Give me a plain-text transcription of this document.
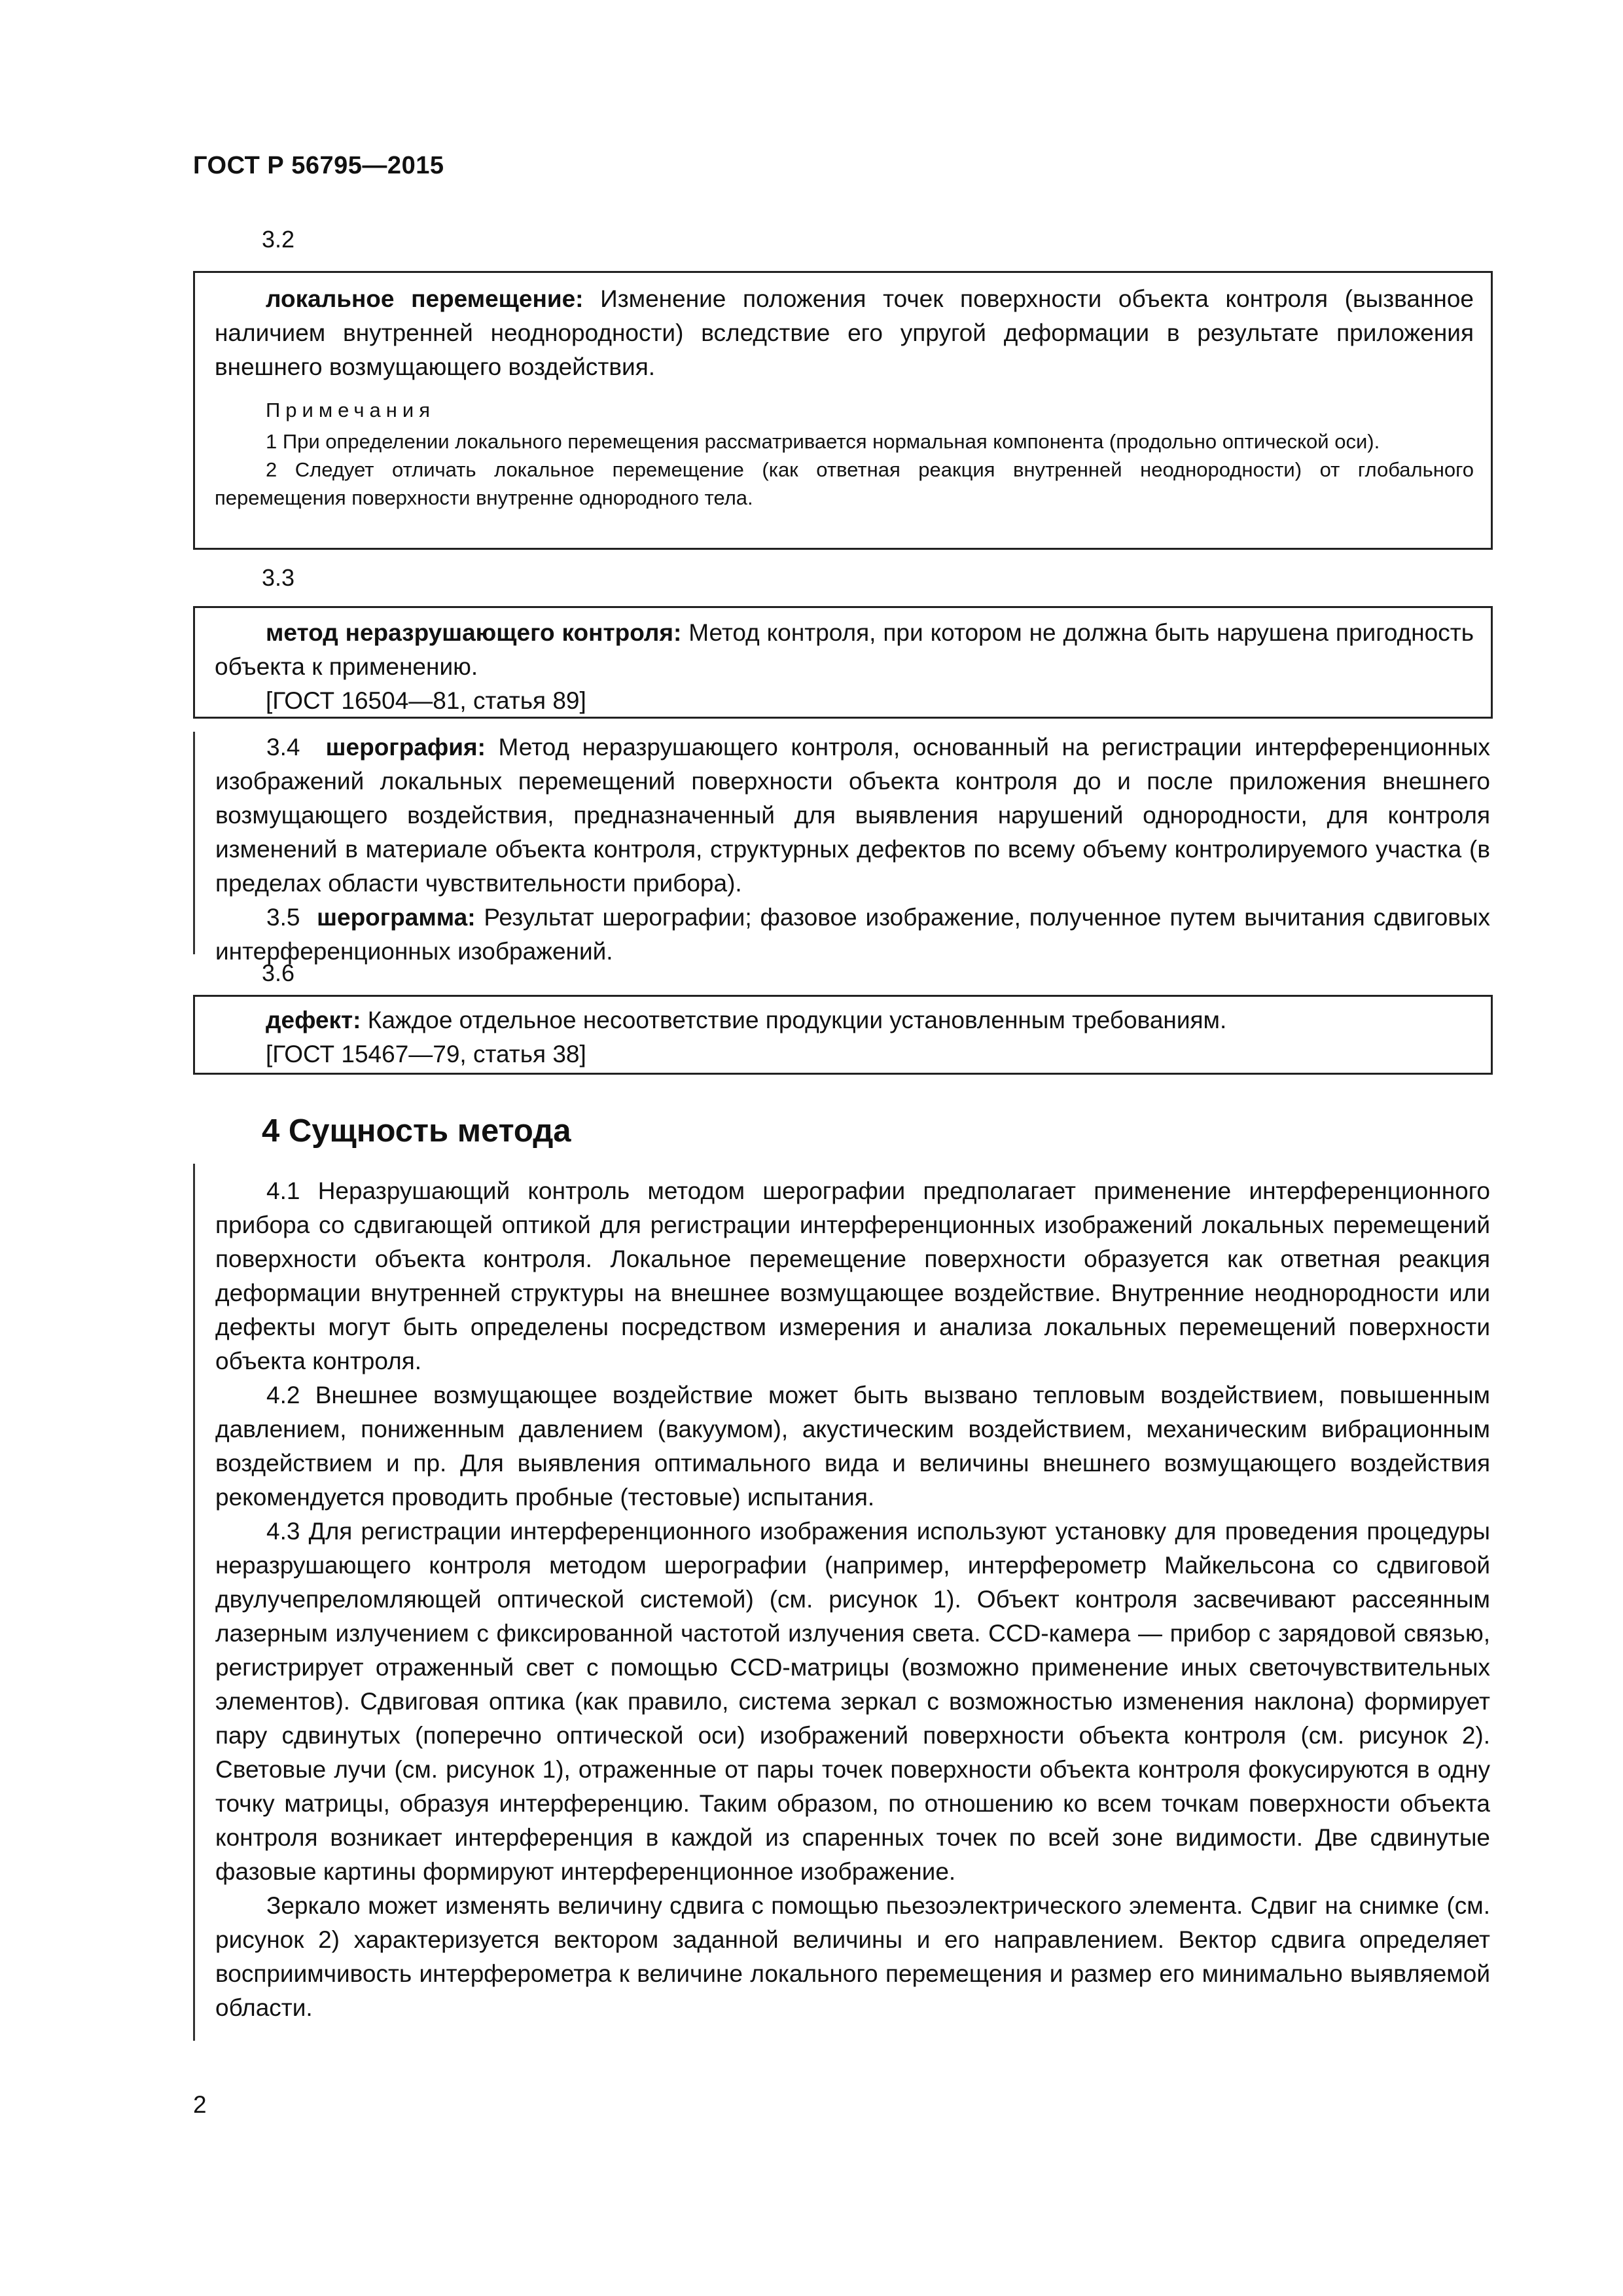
ГОСТ Р 56795—2015
3.2

локальное перемещение: Изменение положения точек поверхности объекта контроля (вызванное наличием внутренней неоднородности) вследствие его упругой деформации в результате приложения внешнего возмущающего воздействия.

Примечания

1 При определении локального перемещения рассматривается нормальная компонента (продольно оптической оси).

2 Следует отличать локальное перемещение (как ответная реакция внутренней неоднородности) от глобального перемещения поверхности внутренне однородного тела.

3.3

метод неразрушающего контроля: Метод контроля, при котором не должна быть нарушена пригодность объекта к применению.

[ГОСТ 16504—81, статья 89]

3.4 шерография: Метод неразрушающего контроля, основанный на регистрации интерференционных изображений локальных перемещений поверхности объекта контроля до и после приложения внешнего возмущающего воздействия, предназначенный для выявления нарушений однородности, для контроля изменений в материале объекта контроля, структурных дефектов по всему объему контролируемого участка (в пределах области чувствительности прибора).

3.5 шерограмма: Результат шерографии; фазовое изображение, полученное путем вычитания сдвиговых интерференционных изображений.

3.6

дефект: Каждое отдельное несоответствие продукции установленным требованиям.

[ГОСТ 15467—79, статья 38]
4 Сущность метода

4.1 Неразрушающий контроль методом шерографии предполагает применение интерференционного прибора со сдвигающей оптикой для регистрации интерференционных изображений локальных перемещений поверхности объекта контроля. Локальное перемещение поверхности образуется как ответная реакция деформации внутренней структуры на внешнее возмущающее воздействие. Внутренние неоднородности или дефекты могут быть определены посредством измерения и анализа локальных перемещений поверхности объекта контроля.

4.2 Внешнее возмущающее воздействие может быть вызвано тепловым воздействием, повышенным давлением, пониженным давлением (вакуумом), акустическим воздействием, механическим вибрационным воздействием и пр. Для выявления оптимального вида и величины внешнего возмущающего воздействия рекомендуется проводить пробные (тестовые) испытания.

4.3 Для регистрации интерференционного изображения используют установку для проведения процедуры неразрушающего контроля методом шерографии (например, интерферометр Майкельсона со сдвиговой двулучепреломляющей оптической системой) (см. рисунок 1). Объект контроля засвечивают рассеянным лазерным излучением с фиксированной частотой излучения света. CCD-камера — прибор с зарядовой связью, регистрирует отраженный свет с помощью CCD-матрицы (возможно применение иных светочувствительных элементов). Сдвиговая оптика (как правило, система зеркал с возможностью изменения наклона) формирует пару сдвинутых (поперечно оптической оси) изображений поверхности объекта контроля (см. рисунок 2). Световые лучи (см. рисунок 1), отраженные от пары точек поверхности объекта контроля фокусируются в одну точку матрицы, образуя интерференцию. Таким образом, по отношению ко всем точкам поверхности объекта контроля возникает интерференция в каждой из спаренных точек по всей зоне видимости. Две сдвинутые фазовые картины формируют интерференционное изображение.

Зеркало может изменять величину сдвига с помощью пьезоэлектрического элемента. Сдвиг на снимке (см. рисунок 2) характеризуется вектором заданной величины и его направлением. Вектор сдвига определяет восприимчивость интерферометра к величине локального перемещения и размер его минимально выявляемой области.

2
